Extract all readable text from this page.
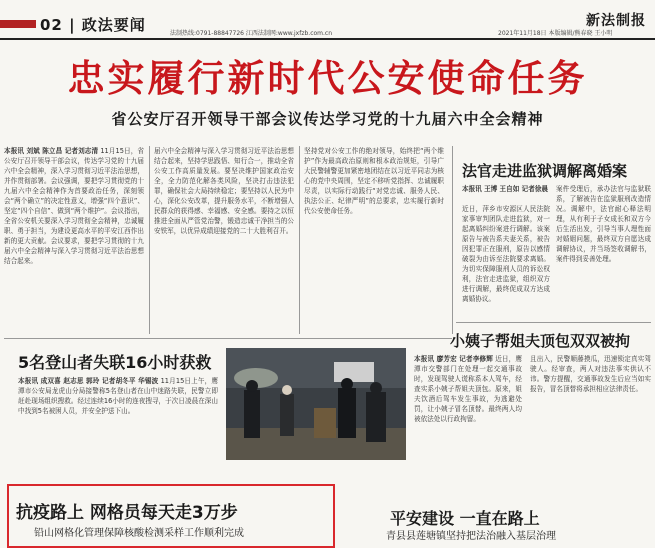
02 | 政法要闻	法制热线:0791-88847726 江西法制网:www.jxfzb.com.cn
新法制报
2021年11月18日 本版编辑/熊春晓 王小明
忠实履行新时代公安使命任务
省公安厅召开领导干部会议传达学习党的十九届六中全会精神
本报讯 刘斌 陈立昌 记者刘志清 11月15日，省公安厅召开领导干部会议，传达学习党的十九届六中全会精神，深入学习贯彻习近平法治思想，并作贯彻部署。会议强调，要把学习贯彻党的十九届六中全会精神作为首要政治任务，深刻领会“两个确立”的决定性意义，增强“四个意识”、坚定“四个自信”、做到“两个维护”。会议指出，全省公安机关要深入学习贯彻全会精神，忠诚履职、勇于担当，为建设更高水平的平安江西作出新的更大贡献。会议要求，要把学习贯彻的十九届六中全会精神与深入学习贯彻习近平法治思想结合起来。
届六中全会精神与深入学习贯彻习近平法治思想结合起来，坚持学思践悟、知行合一，推动全省公安工作高质量发展。要坚决维护国家政治安全，全力防范化解各类风险，坚决打击违法犯罪，确保社会大局持续稳定；要坚持以人民为中心，深化公安改革，提升服务水平，不断增强人民群众的获得感、幸福感、安全感。要持之以恒推进全面从严管党治警，锻造忠诚干净担当的公安铁军，以优异成绩迎接党的二十大胜利召开。
坚持党对公安工作的绝对领导，始终把“两个维护”作为最高政治原则和根本政治规矩，引导广大民警辅警更加紧密地团结在以习近平同志为核心的党中央周围，坚定不移听党指挥、忠诚履职尽责，以实际行动践行“对党忠诚、服务人民、执法公正、纪律严明”的总要求，忠实履行新时代公安使命任务。
法官走进监狱调解离婚案
本报讯 王博 王自如 记者徐晨
近日，萍乡市安源区人民法院家事审判团队走进监狱，对一起离婚纠纷案进行调解。该案原告与被告系夫妻关系，被告因犯罪正在服刑，原告以感情破裂为由诉至法院要求离婚。为切实保障服刑人员的诉讼权利，法官走进监狱，组织双方进行调解，最终促成双方达成离婚协议。
案件受理后，承办法官与监狱联系，了解被告在监狱服刑改造情况。调解中，法官耐心释法明理，从有利于子女成长和双方今后生活出发，引导当事人理性面对婚姻问题，最终双方自愿达成调解协议，并当场签收调解书，案件得到妥善处理。
5名登山者失联16小时获救
本报讯 成双喜 赵志思 郭玲 记者胡冬平 华锡波 11月15日上午，鹰潭市公安局龙虎山分局接警称5名登山者在山中迷路失联，民警立即赶赴现场组织搜救。经过连续16小时的连夜搜寻，于次日凌晨在深山中找到5名被困人员，并安全护送下山。
小姨子帮姐夫顶包双双被拘
本报讯 廖芳宏 记者李修辉 近日，鹰潭市交警部门在处理一起交通事故时，发现驾驶人谎称系本人驾车，经查实系小姨子帮姐夫顶包。原来，姐夫饮酒后驾车发生事故，为逃避处罚，让小姨子冒名顶替。最终两人均被依法处以行政拘留。
且出入，民警顺藤摸瓜，迅速锁定真实驾驶人。经审查，两人对违法事实供认不讳。警方提醒，交通事故发生后应当如实报告，冒名顶替将承担相应法律责任。
抗疫路上 网格员每天走3万步
铅山网格化管理保障核酸检测采样工作顺利完成
平安建设 一直在路上
青县县莲塘镇坚持把法治融入基层治理
